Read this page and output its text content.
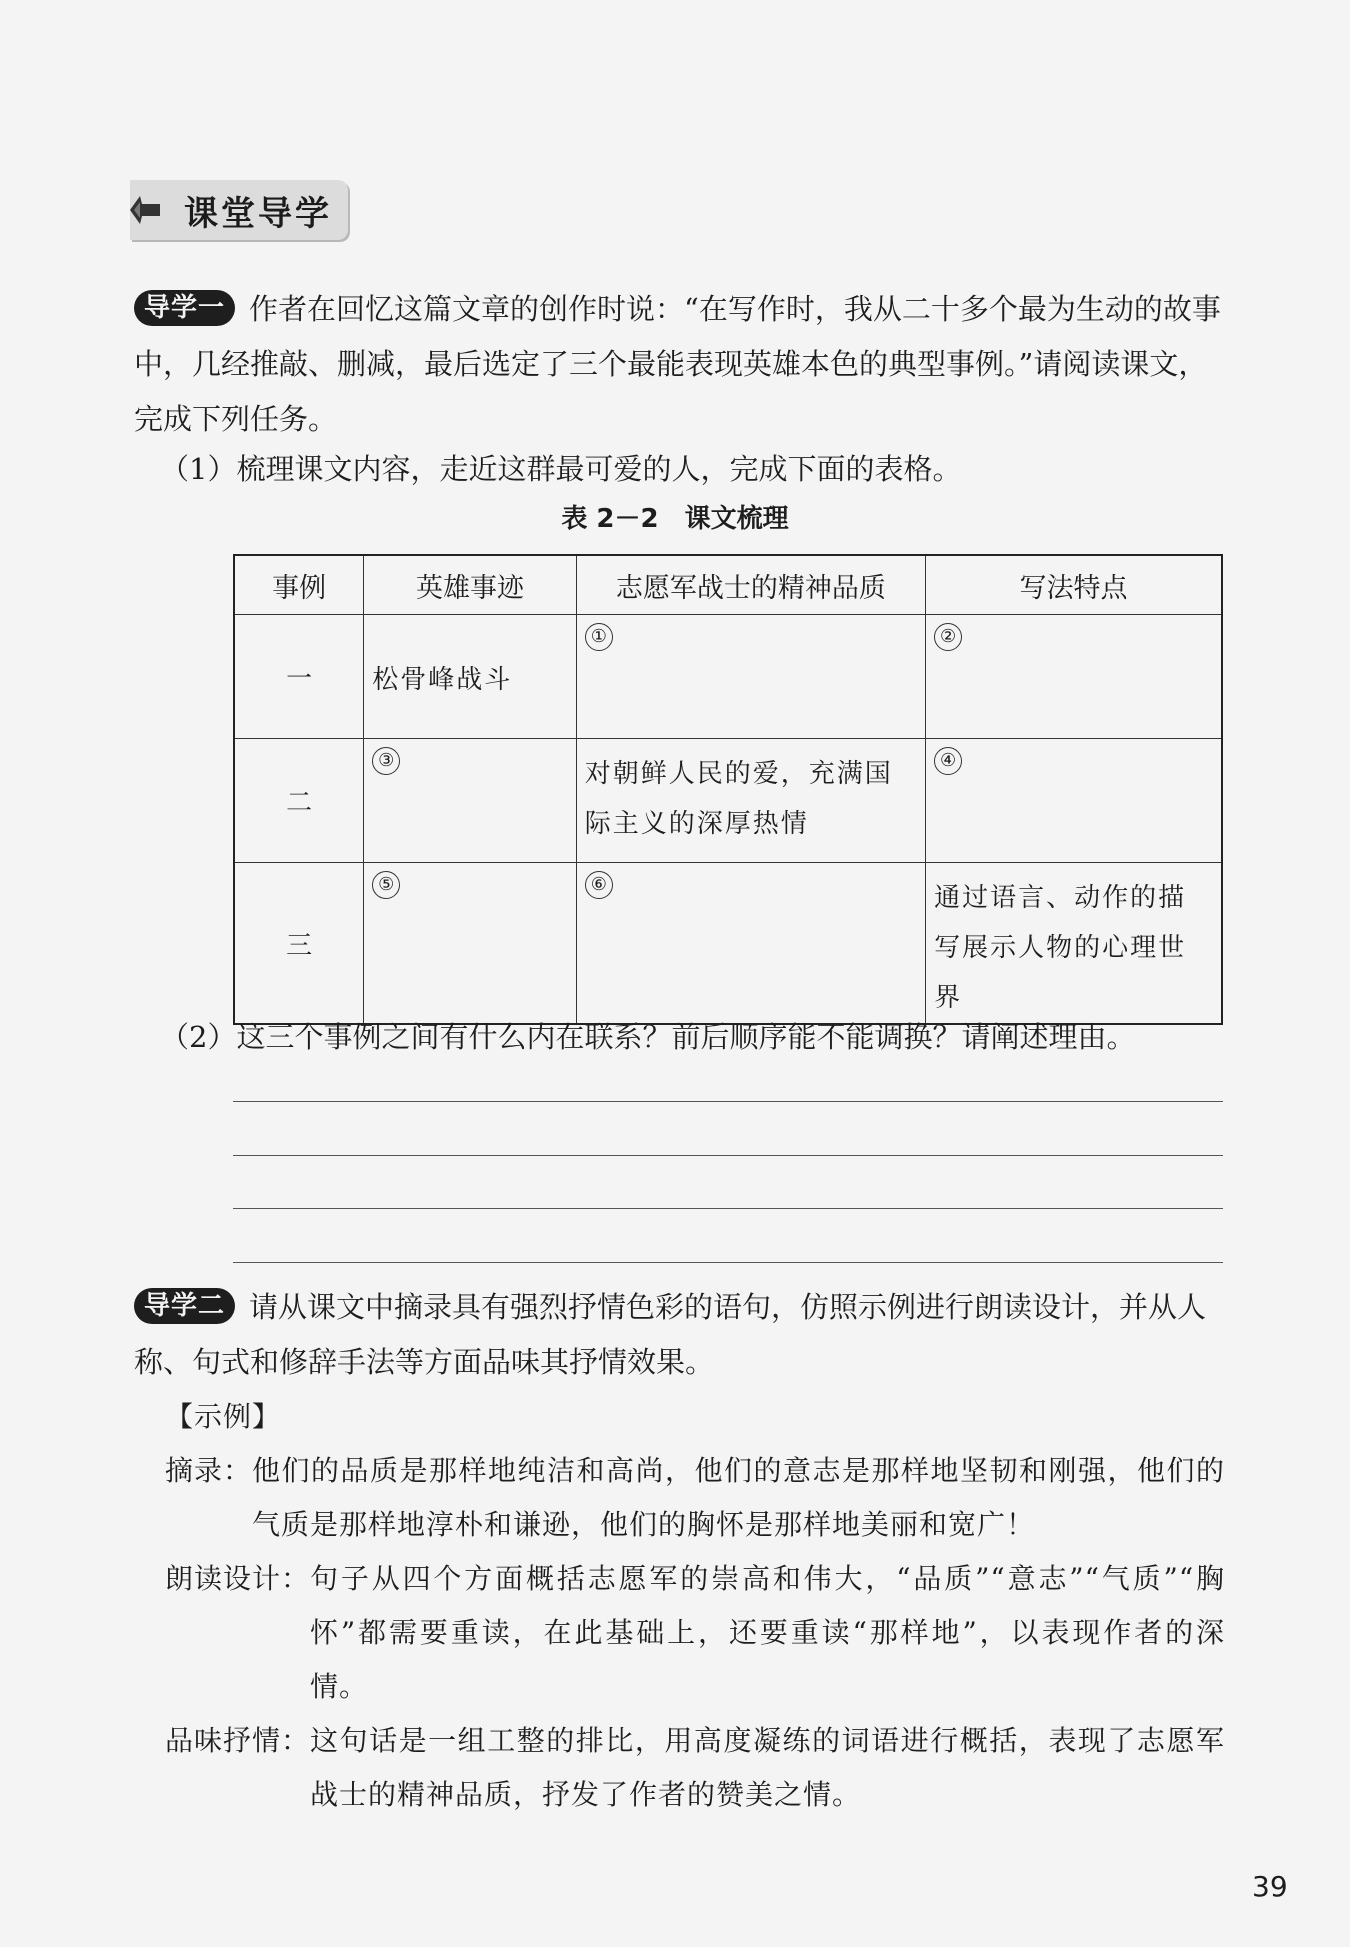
课堂导学
导学一 作者在回忆这篇文章的创作时说：“在写作时，我从二十多个最为生动的故事中，几经推敲、删减，最后选定了三个最能表现英雄本色的典型事例。”请阅读课文，完成下列任务。
（1）梳理课文内容，走近这群最可爱的人，完成下面的表格。
表 2－2　课文梳理
事例	英雄事迹	志愿军战士的精神品质	写法特点
一	松骨峰战斗	①	②
二	③	对朝鲜人民的爱，充满国际主义的深厚热情	④
三	⑤	⑥	通过语言、动作的描写展示人物的心理世界
（2）这三个事例之间有什么内在联系？前后顺序能不能调换？请阐述理由。
导学二 请从课文中摘录具有强烈抒情色彩的语句，仿照示例进行朗读设计，并从人称、句式和修辞手法等方面品味其抒情效果。
【示例】
摘录： 他们的品质是那样地纯洁和高尚，他们的意志是那样地坚韧和刚强，他们的气质是那样地淳朴和谦逊，他们的胸怀是那样地美丽和宽广！
朗读设计： 句子从四个方面概括志愿军的崇高和伟大，“品质”“意志”“气质”“胸怀”都需要重读，在此基础上，还要重读“那样地”，以表现作者的深情。
品味抒情： 这句话是一组工整的排比，用高度凝练的词语进行概括，表现了志愿军战士的精神品质，抒发了作者的赞美之情。
39
